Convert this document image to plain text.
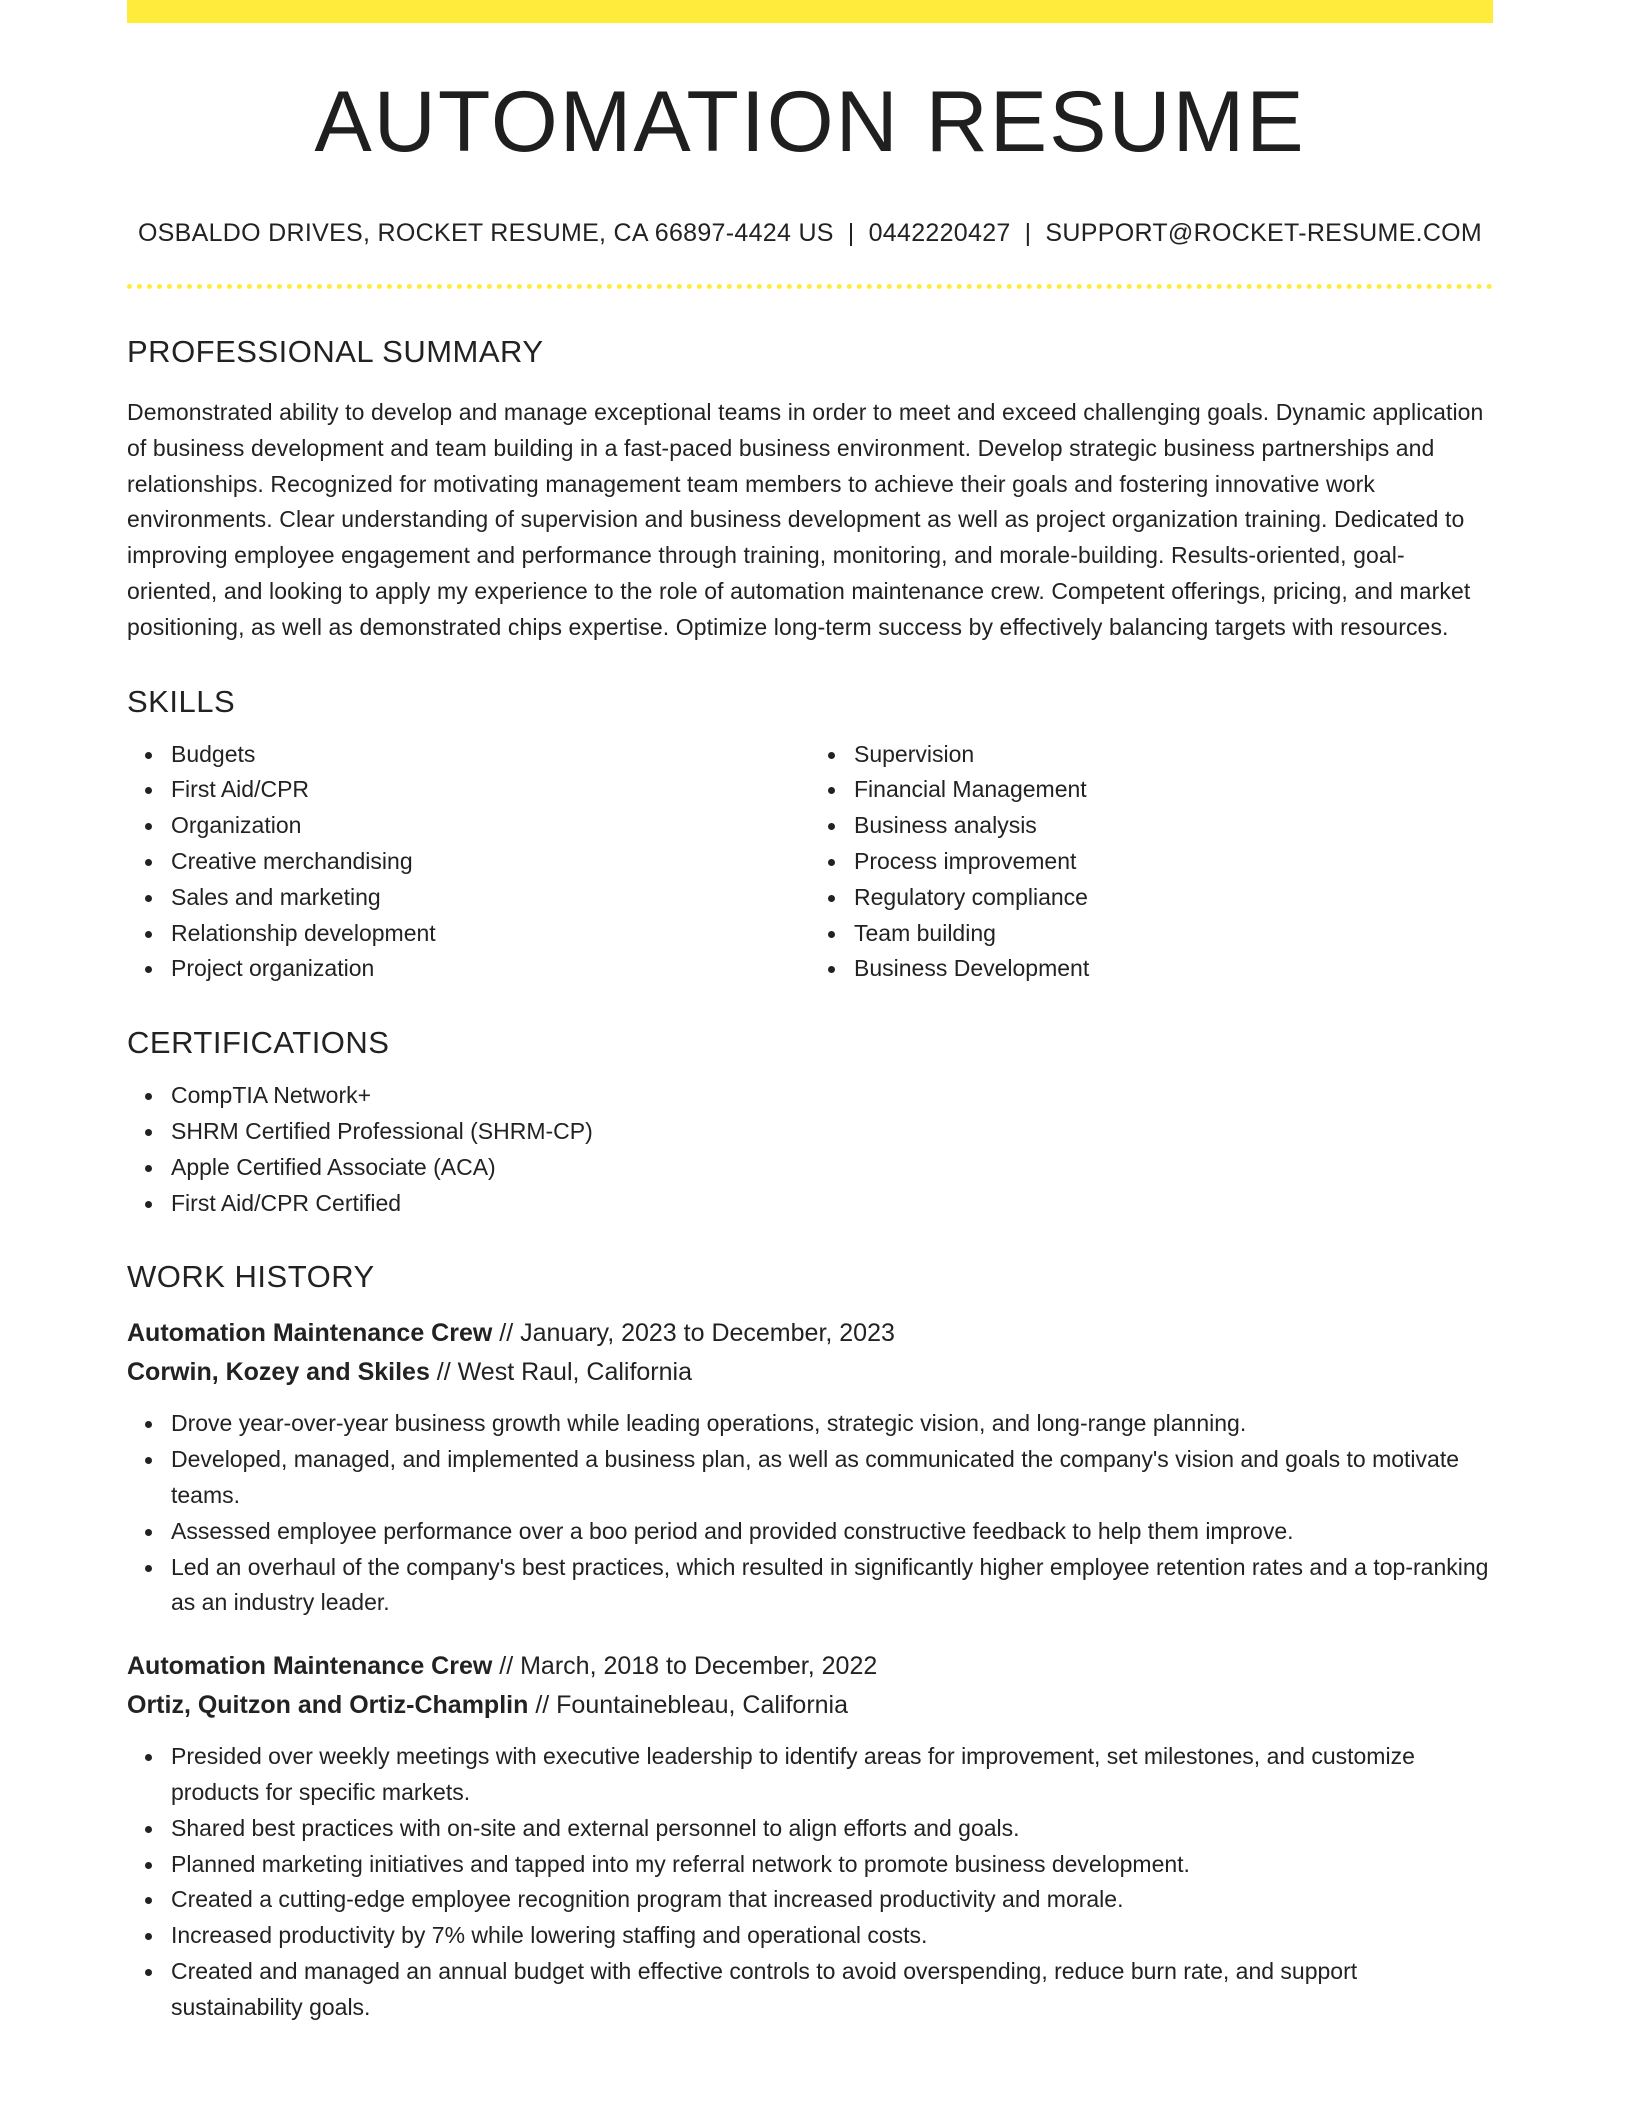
AUTOMATION RESUME
OSBALDO DRIVES, ROCKET RESUME, CA 66897-4424 US | 0442220427 | SUPPORT@ROCKET-RESUME.COM
PROFESSIONAL SUMMARY
Demonstrated ability to develop and manage exceptional teams in order to meet and exceed challenging goals. Dynamic application of business development and team building in a fast-paced business environment. Develop strategic business partnerships and relationships. Recognized for motivating management team members to achieve their goals and fostering innovative work environments. Clear understanding of supervision and business development as well as project organization training. Dedicated to improving employee engagement and performance through training, monitoring, and morale-building. Results-oriented, goal-oriented, and looking to apply my experience to the role of automation maintenance crew. Competent offerings, pricing, and market positioning, as well as demonstrated chips expertise. Optimize long-term success by effectively balancing targets with resources.
SKILLS
Budgets
First Aid/CPR
Organization
Creative merchandising
Sales and marketing
Relationship development
Project organization
Supervision
Financial Management
Business analysis
Process improvement
Regulatory compliance
Team building
Business Development
CERTIFICATIONS
CompTIA Network+
SHRM Certified Professional (SHRM-CP)
Apple Certified Associate (ACA)
First Aid/CPR Certified
WORK HISTORY
Automation Maintenance Crew // January, 2023 to December, 2023
Corwin, Kozey and Skiles // West Raul, California
Drove year-over-year business growth while leading operations, strategic vision, and long-range planning.
Developed, managed, and implemented a business plan, as well as communicated the company's vision and goals to motivate teams.
Assessed employee performance over a boo period and provided constructive feedback to help them improve.
Led an overhaul of the company's best practices, which resulted in significantly higher employee retention rates and a top-ranking as an industry leader.
Automation Maintenance Crew // March, 2018 to December, 2022
Ortiz, Quitzon and Ortiz-Champlin // Fountainebleau, California
Presided over weekly meetings with executive leadership to identify areas for improvement, set milestones, and customize products for specific markets.
Shared best practices with on-site and external personnel to align efforts and goals.
Planned marketing initiatives and tapped into my referral network to promote business development.
Created a cutting-edge employee recognition program that increased productivity and morale.
Increased productivity by 7% while lowering staffing and operational costs.
Created and managed an annual budget with effective controls to avoid overspending, reduce burn rate, and support sustainability goals.
